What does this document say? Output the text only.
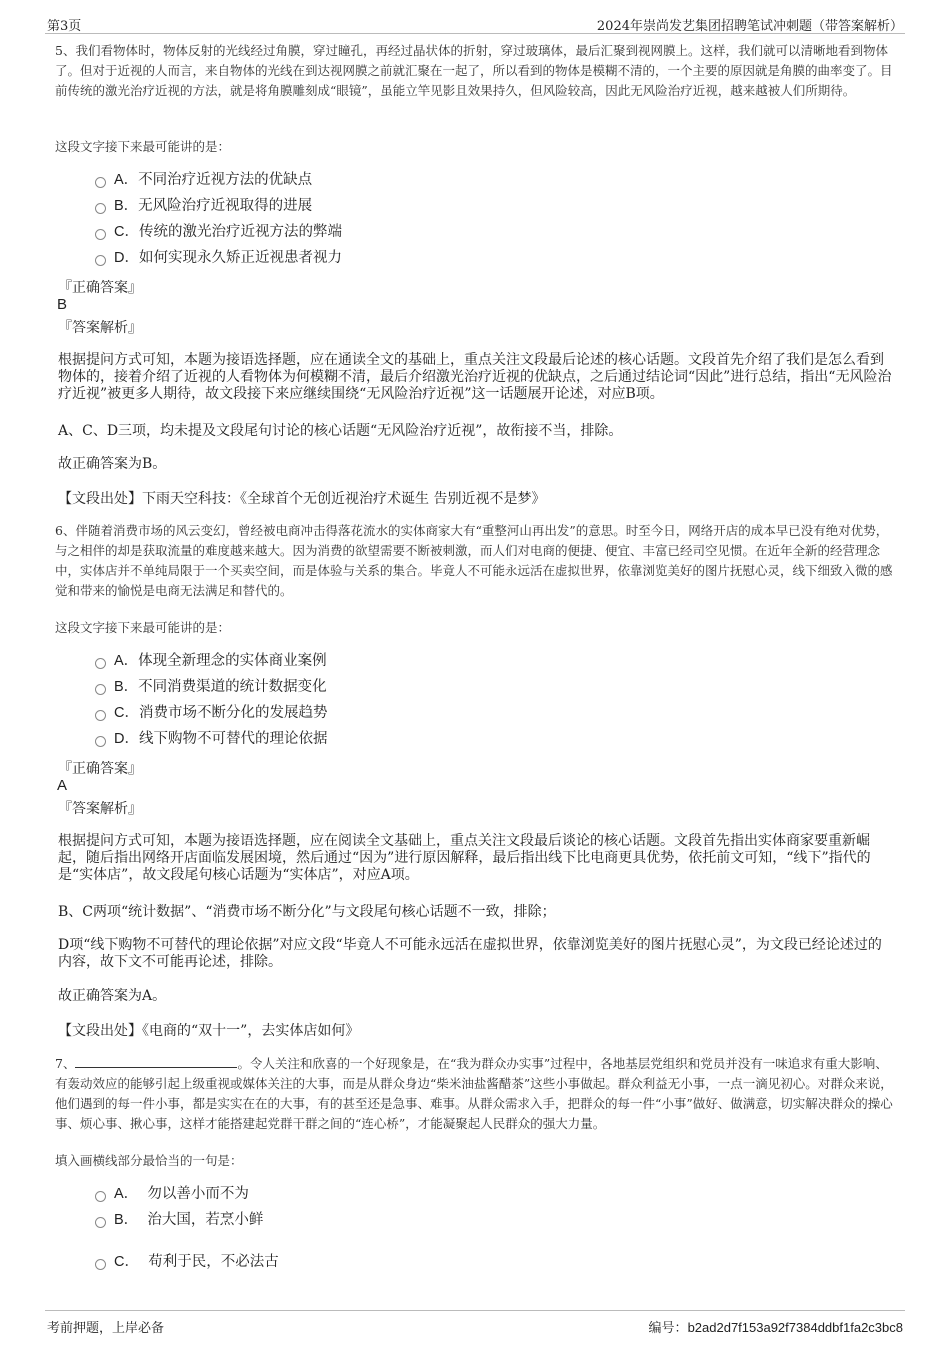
第3页	2024年崇尚发艺集团招聘笔试冲刺题（带答案解析）
5、我们看物体时，物体反射的光线经过角膜，穿过瞳孔，再经过晶状体的折射，穿过玻璃体，最后汇聚到视网膜上。这样，我们就可以清晰地看到物体了。但对于近视的人而言，来自物体的光线在到达视网膜之前就汇聚在一起了，所以看到的物体是模糊不清的，一个主要的原因就是角膜的曲率变了。目前传统的激光治疗近视的方法，就是将角膜雕刻成“眼镜”，虽能立竿见影且效果持久，但风险较高，因此无风险治疗近视，越来越被人们所期待。
这段文字接下来最可能讲的是：
A．不同治疗近视方法的优缺点
B．无风险治疗近视取得的进展
C．传统的激光治疗近视方法的弊端
D．如何实现永久矫正近视患者视力
『正确答案』
B
『答案解析』
根据提问方式可知，本题为接语选择题，应在通读全文的基础上，重点关注文段最后论述的核心话题。文段首先介绍了我们是怎么看到物体的，接着介绍了近视的人看物体为何模糊不清，最后介绍激光治疗近视的优缺点，之后通过结论词“因此”进行总结，指出“无风险治疗近视”被更多人期待，故文段接下来应继续围绕“无风险治疗近视”这一话题展开论述，对应B项。
A、C、D三项，均未提及文段尾句讨论的核心话题“无风险治疗近视”，故衔接不当，排除。
故正确答案为B。
【文段出处】下雨天空科技：《全球首个无创近视治疗术诞生 告别近视不是梦》
6、伴随着消费市场的风云变幻，曾经被电商冲击得落花流水的实体商家大有“重整河山再出发”的意思。时至今日，网络开店的成本早已没有绝对优势，与之相伴的却是获取流量的难度越来越大。因为消费的欲望需要不断被刺激，而人们对电商的便捷、便宜、丰富已经司空见惯。在近年全新的经营理念中，实体店并不单纯局限于一个买卖空间，而是体验与关系的集合。毕竟人不可能永远活在虚拟世界，依靠浏览美好的图片抚慰心灵，线下细致入微的感觉和带来的愉悦是电商无法满足和替代的。
这段文字接下来最可能讲的是：
A．体现全新理念的实体商业案例
B．不同消费渠道的统计数据变化
C．消费市场不断分化的发展趋势
D．线下购物不可替代的理论依据
『正确答案』
A
『答案解析』
根据提问方式可知，本题为接语选择题，应在阅读全文基础上，重点关注文段最后谈论的核心话题。文段首先指出实体商家要重新崛起，随后指出网络开店面临发展困境，然后通过“因为”进行原因解释，最后指出线下比电商更具优势，依托前文可知，“线下”指代的是“实体店”，故文段尾句核心话题为“实体店”，对应A项。
B、C两项“统计数据”、“消费市场不断分化”与文段尾句核心话题不一致，排除；
D项“线下购物不可替代的理论依据”对应文段“毕竟人不可能永远活在虚拟世界，依靠浏览美好的图片抚慰心灵”，为文段已经论述过的内容，故下文不可能再论述，排除。
故正确答案为A。
【文段出处】《电商的“双十一”，去实体店如何》
7、	。令人关注和欣喜的一个好现象是，在“我为群众办实事”过程中，各地基层党组织和党员并没有一味追求有重大影响、有轰动效应的能够引起上级重视或媒体关注的大事，而是从群众身边“柴米油盐酱醋茶”这些小事做起。群众利益无小事，一点一滴见初心。对群众来说，他们遇到的每一件小事，都是实实在在的大事，有的甚至还是急事、难事。从群众需求入手，把群众的每一件“小事”做好、做满意，切实解决群众的操心事、烦心事、揪心事，这样才能搭建起党群干群之间的“连心桥”，才能凝聚起人民群众的强大力量。
填入画横线部分最恰当的一句是：
A． 勿以善小而不为
B． 治大国，若烹小鲜
C． 苟利于民，不必法古
考前押题，上岸必备	编号：b2ad2d7f153a92f7384ddbf1fa2c3bc8
